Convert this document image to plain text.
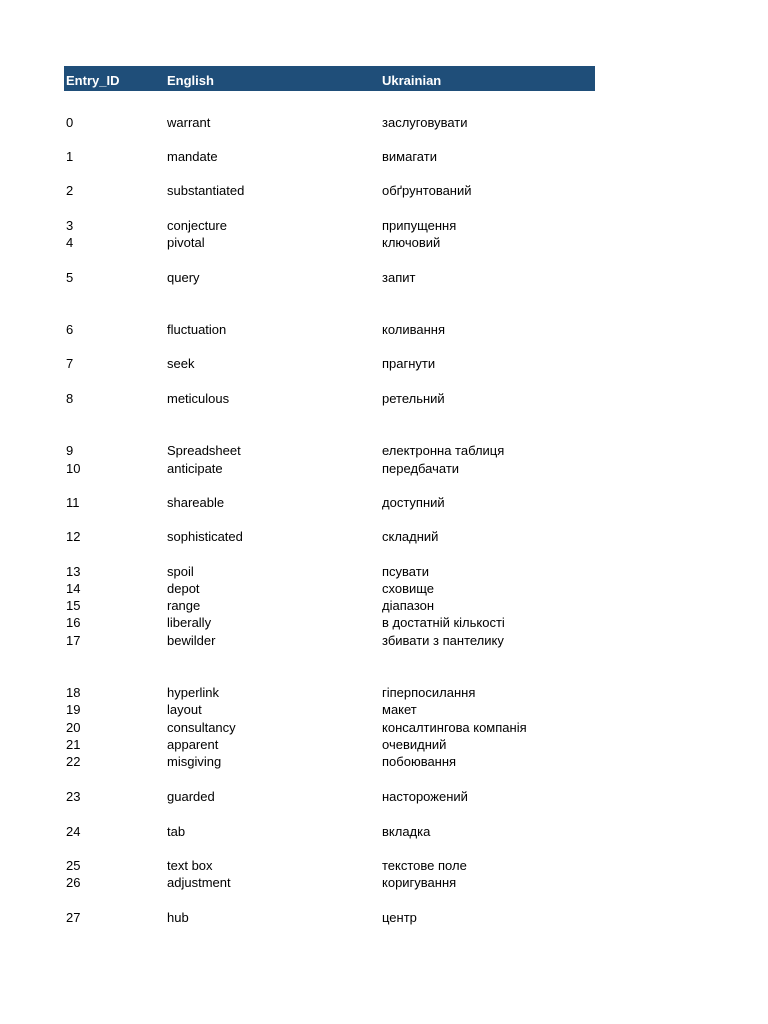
Entry_ID	English	Ukrainian
0	warrant	заслуговувати
1	mandate	вимагати
2	substantiated	обґрунтований
3	conjecture	припущення
4	pivotal	ключовий
5	query	запит
6	fluctuation	коливання
7	seek	прагнути
8	meticulous	ретельний
9	Spreadsheet	електронна таблиця
10	anticipate	передбачати
11	shareable	доступний
12	sophisticated	складний
13	spoil	псувати
14	depot	сховище
15	range	діапазон
16	liberally	в достатній кількості
17	bewilder	збивати з пантелику
18	hyperlink	гіперпосилання
19	layout	макет
20	consultancy	консалтингова компанія
21	apparent	очевидний
22	misgiving	побоювання
23	guarded	насторожений
24	tab	вкладка
25	text box	текстове поле
26	adjustment	коригування
27	hub	центр
